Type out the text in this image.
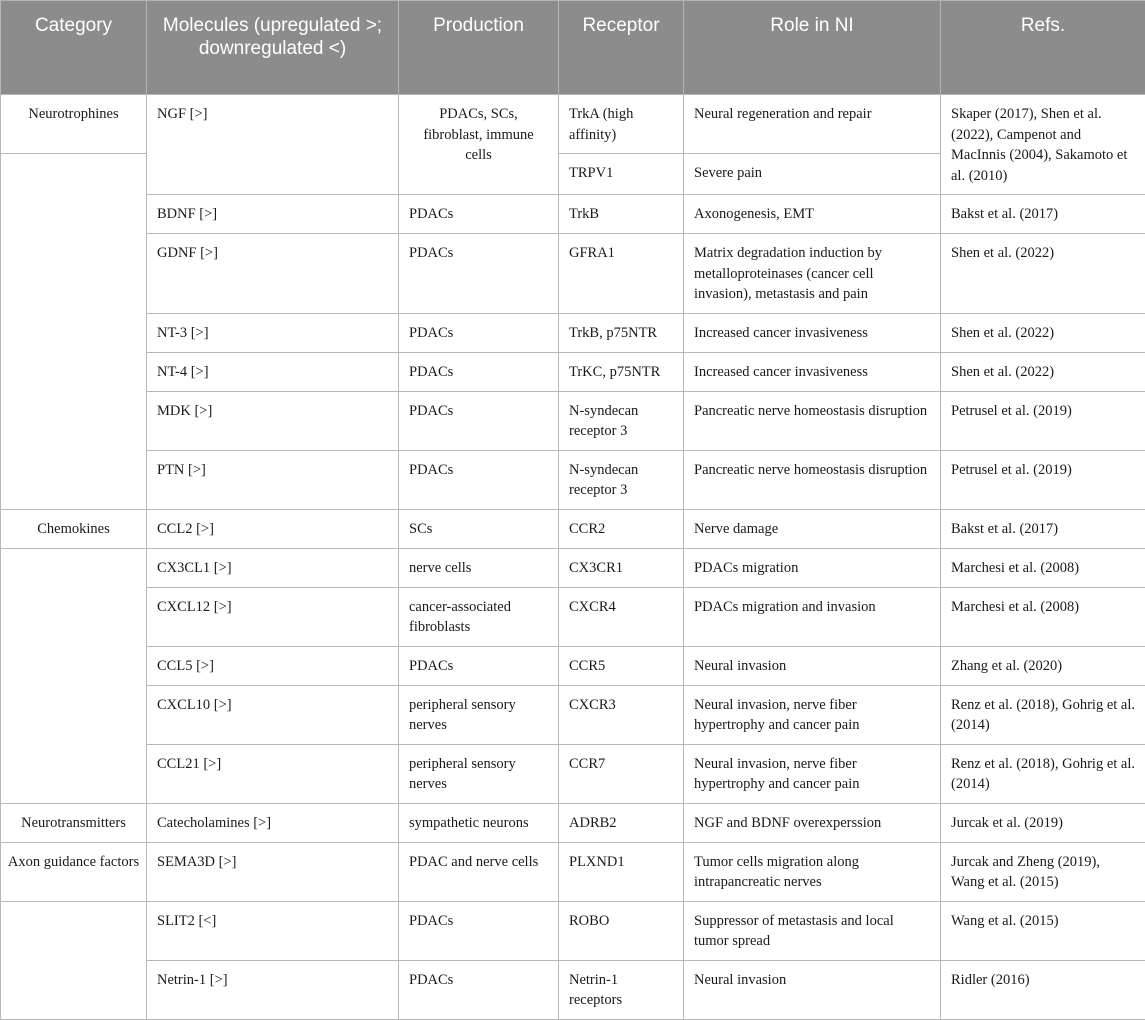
Category	Molecules (upregulated >; downregulated <)	Production	Receptor	Role in NI	Refs.
Neurotrophines	NGF [>]	PDACs, SCs, fibroblast, immune cells	TrkA (high affinity)	Neural regeneration and repair	Skaper (2017), Shen et al. (2022), Campenot and MacInnis (2004), Sakamoto et al. (2010)
			TRPV1	Severe pain	
	BDNF [>]	PDACs	TrkB	Axonogenesis, EMT	Bakst et al. (2017)
	GDNF [>]	PDACs	GFRA1	Matrix degradation induction by metalloproteinases (cancer cell invasion), metastasis and pain	Shen et al. (2022)
	NT-3 [>]	PDACs	TrkB, p75NTR	Increased cancer invasiveness	Shen et al. (2022)
	NT-4 [>]	PDACs	TrKC, p75NTR	Increased cancer invasiveness	Shen et al. (2022)
	MDK [>]	PDACs	N-syndecan receptor 3	Pancreatic nerve homeostasis disruption	Petrusel et al. (2019)
	PTN [>]	PDACs	N-syndecan receptor 3	Pancreatic nerve homeostasis disruption	Petrusel et al. (2019)
Chemokines	CCL2 [>]	SCs	CCR2	Nerve damage	Bakst et al. (2017)
	CX3CL1 [>]	nerve cells	CX3CR1	PDACs migration	Marchesi et al. (2008)
	CXCL12 [>]	cancer-associated fibroblasts	CXCR4	PDACs migration and invasion	Marchesi et al. (2008)
	CCL5 [>]	PDACs	CCR5	Neural invasion	Zhang et al. (2020)
	CXCL10 [>]	peripheral sensory nerves	CXCR3	Neural invasion, nerve fiber hypertrophy and cancer pain	Renz et al. (2018), Gohrig et al. (2014)
	CCL21 [>]	peripheral sensory nerves	CCR7	Neural invasion, nerve fiber hypertrophy and cancer pain	Renz et al. (2018), Gohrig et al. (2014)
Neurotransmitters	Catecholamines [>]	sympathetic neurons	ADRB2	NGF and BDNF overexperssion	Jurcak et al. (2019)
Axon guidance factors	SEMA3D [>]	PDAC and nerve cells	PLXND1	Tumor cells migration along intrapancreatic nerves	Jurcak and Zheng (2019), Wang et al. (2015)
	SLIT2 [<]	PDACs	ROBO	Suppressor of metastasis and local tumor spread	Wang et al. (2015)
	Netrin-1 [>]	PDACs	Netrin-1 receptors	Neural invasion	Ridler (2016)
